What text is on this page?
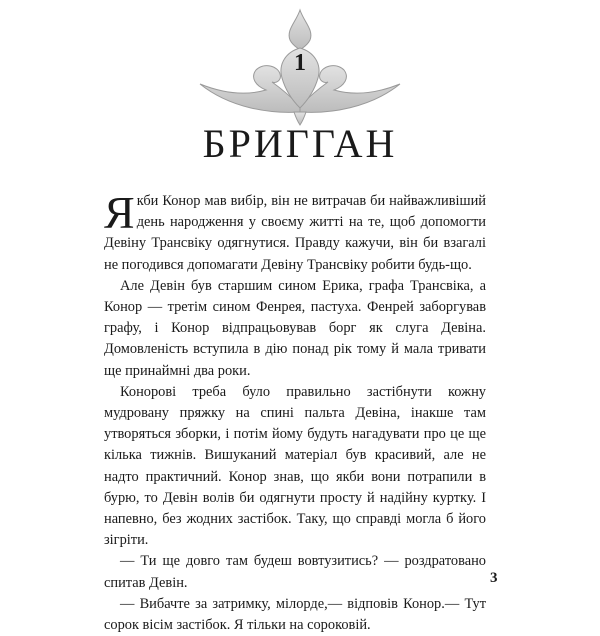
1
БРИГГАН

Якби Конор мав вибір, він не витрачав би найважливіший день народження у своєму житті на те, щоб допомогти Девіну Трансвіку одягнутися. Правду кажучи, він би взагалі не погодився допомагати Девіну Трансвіку робити будь-що.

Але Девін був старшим сином Ерика, графа Трансвіка, а Конор — третім сином Фенрея, пастуха. Фенрей заборгував графу, і Конор відпрацьовував борг як слуга Девіна. Домовленість вступила в дію понад рік тому й мала тривати ще принаймні два роки.

Конорові треба було правильно застібнути кожну мудровану пряжку на спині пальта Девіна, інакше там утворяться зборки, і потім йому будуть нагадувати про це ще кілька тижнів. Вишуканий матеріал був красивий, але не надто практичний. Конор знав, що якби вони потрапили в бурю, то Девін волів би одягнути просту й надійну куртку. І напевно, без жодних застібок. Таку, що справді могла б його зігріти.

— Ти ще довго там будеш вовтузитись? — роздратовано спитав Девін.

— Вибачте за затримку, мілорде,— відповів Конор.— Тут сорок вісім застібок. Я тільки на сороковій.

3
